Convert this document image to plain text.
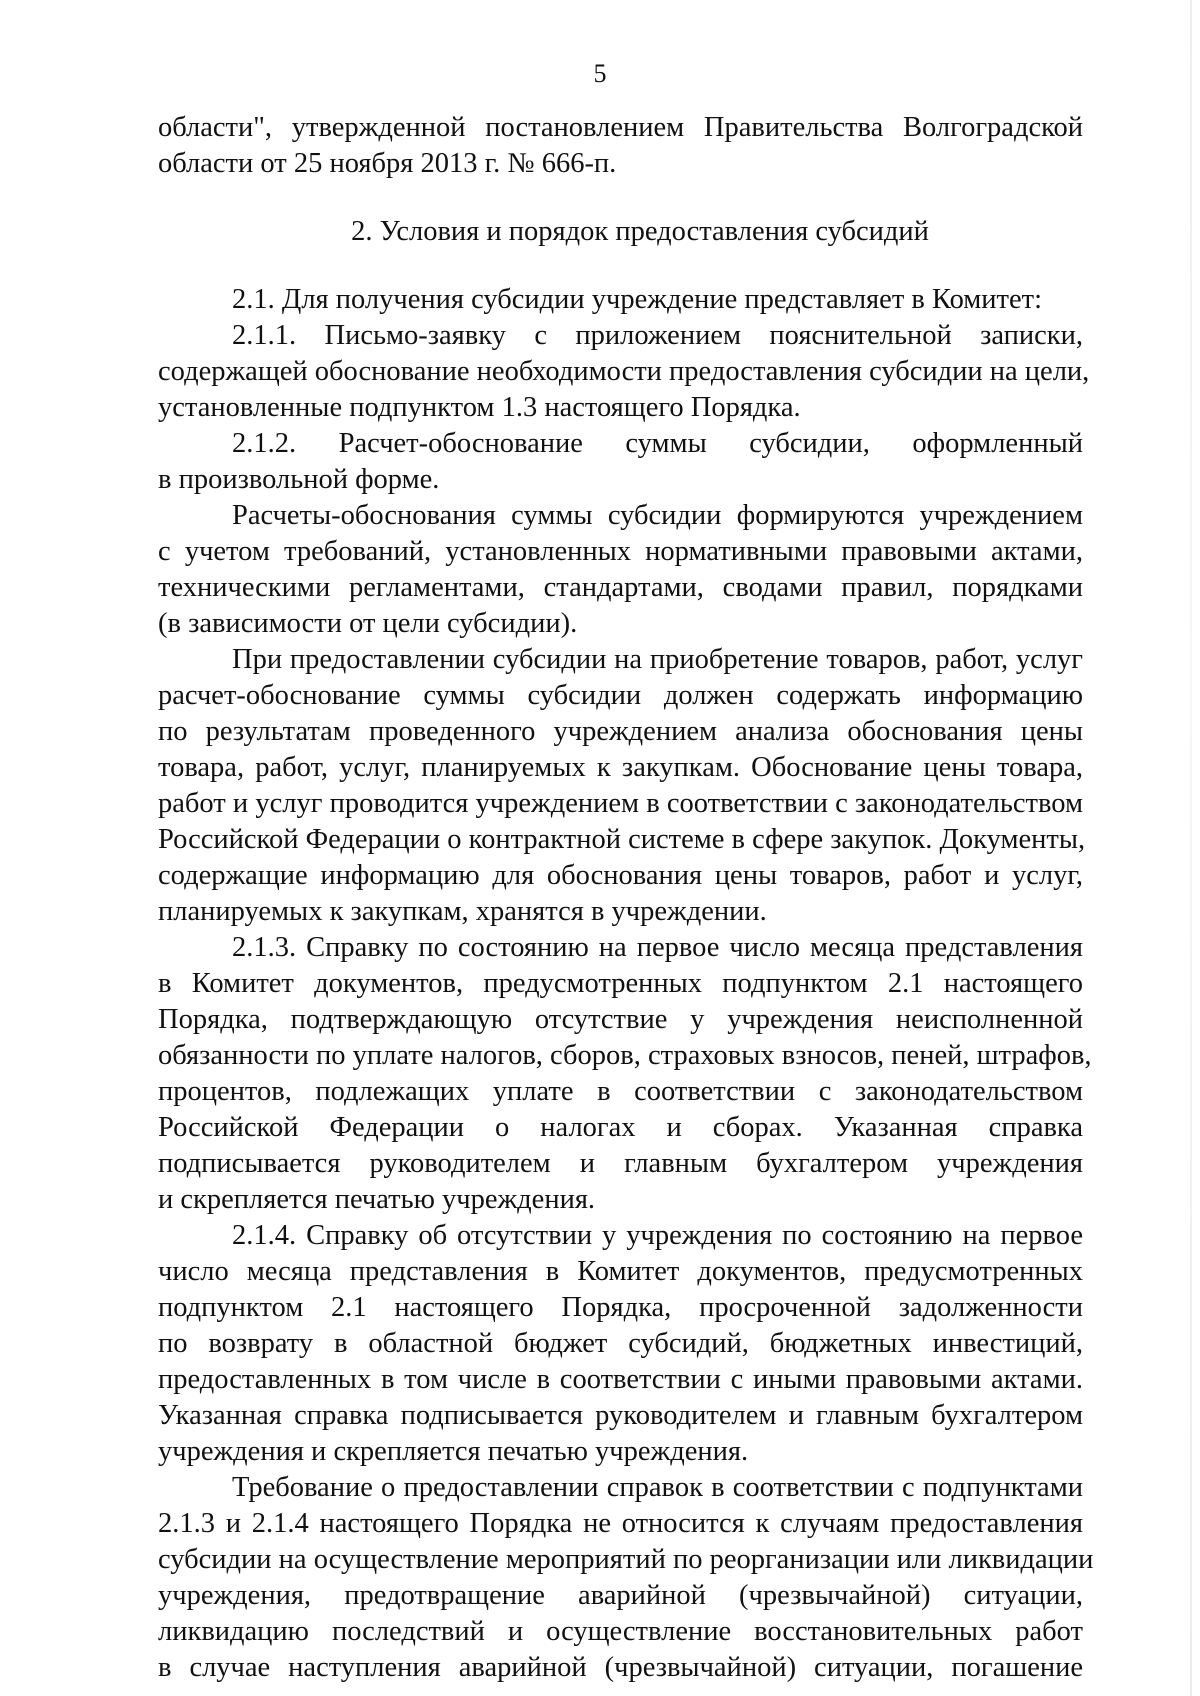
5
области", утвержденной постановлением Правительства Волгоградской
области от 25 ноября 2013 г. № 666-п.
2. Условия и порядок предоставления субсидий
2.1. Для получения субсидии учреждение представляет в Комитет:
2.1.1. Письмо-заявку с приложением пояснительной записки,
содержащей обоснование необходимости предоставления субсидии на цели,
установленные подпунктом 1.3 настоящего Порядка.
2.1.2. Расчет-обоснование суммы субсидии, оформленный
в произвольной форме.
Расчеты-обоснования суммы субсидии формируются учреждением
с учетом требований, установленных нормативными правовыми актами,
техническими регламентами, стандартами, сводами правил, порядками
(в зависимости от цели субсидии).
При предоставлении субсидии на приобретение товаров, работ, услуг
расчет-обоснование суммы субсидии должен содержать информацию
по результатам проведенного учреждением анализа обоснования цены
товара, работ, услуг, планируемых к закупкам. Обоснование цены товара,
работ и услуг проводится учреждением в соответствии с законодательством
Российской Федерации о контрактной системе в сфере закупок. Документы,
содержащие информацию для обоснования цены товаров, работ и услуг,
планируемых к закупкам, хранятся в учреждении.
2.1.3. Справку по состоянию на первое число месяца представления
в Комитет документов, предусмотренных подпунктом 2.1 настоящего
Порядка, подтверждающую отсутствие у учреждения неисполненной
обязанности по уплате налогов, сборов, страховых взносов, пеней, штрафов,
процентов, подлежащих уплате в соответствии с законодательством
Российской Федерации о налогах и сборах. Указанная справка
подписывается руководителем и главным бухгалтером учреждения
и скрепляется печатью учреждения.
2.1.4. Справку об отсутствии у учреждения по состоянию на первое
число месяца представления в Комитет документов, предусмотренных
подпунктом 2.1 настоящего Порядка, просроченной задолженности
по возврату в областной бюджет субсидий, бюджетных инвестиций,
предоставленных в том числе в соответствии с иными правовыми актами.
Указанная справка подписывается руководителем и главным бухгалтером
учреждения и скрепляется печатью учреждения.
Требование о предоставлении справок в соответствии с подпунктами
2.1.3 и 2.1.4 настоящего Порядка не относится к случаям предоставления
субсидии на осуществление мероприятий по реорганизации или ликвидации
учреждения, предотвращение аварийной (чрезвычайной) ситуации,
ликвидацию последствий и осуществление восстановительных работ
в случае наступления аварийной (чрезвычайной) ситуации, погашение
